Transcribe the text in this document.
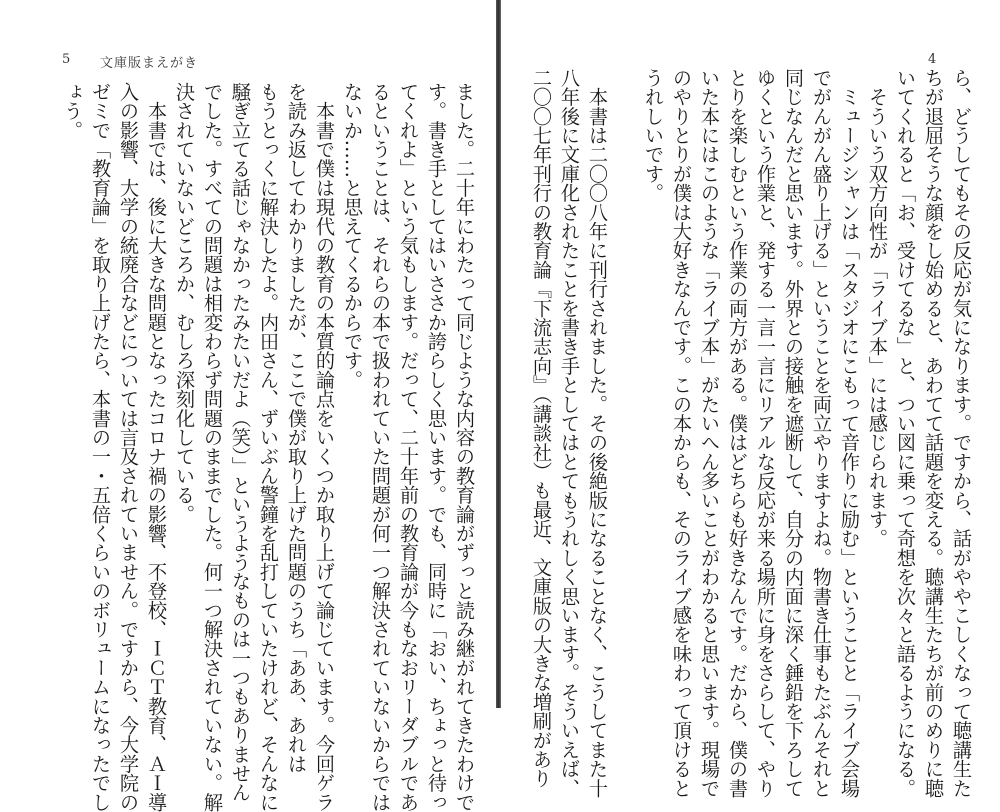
5 文庫版まえがき
ました。二十年にわたって同じような内容の教育論がずっと読み継がれてきたわけで
す。書き手としてはいささか誇らしく思います。でも、同時に「おい、ちょっと待っ
てくれよ」という気もします。だって、二十年前の教育論が今もなおリーダブルであ
るということは、それらの本で扱われていた問題が何一つ解決されていないからでは
ないか……と思えてくるからです。
　本書で僕は現代の教育の本質的論点をいくつか取り上げて論じています。今回ゲラ
を読み返してわかりましたが、ここで僕が取り上げた問題のうち「ああ、あれは
もうとっくに解決したよ。内田さん、ずいぶん警鐘を乱打していたけれど、そんなに
騒ぎ立てる話じゃなかったみたいだよ（笑）」というようなものは一つもありません
でした。すべての問題は相変わらず問題のままでした。何一つ解決されていない。解
決されていないどころか、むしろ深刻化している。
　本書では、後に大きな問題となったコロナ禍の影響、不登校、ＩＣＴ教育、ＡＩ導
入の影響、大学の統廃合などについては言及されていません。ですから、今大学院の
ゼミで「教育論」を取り上げたら、本書の一・五倍くらいのボリュームになったでし
ょう。
4
ら、どうしてもその反応が気になります。ですから、話がややこしくなって聴講生た
ちが退屈そうな顔をし始めると、あわてて話題を変える。聴講生たちが前のめりに聴
いてくれると「お、受けてるな」と、つい図に乗って奇想を次々と語るようになる。
　そういう双方向性が「ライブ本」には感じられます。
　ミュージシャンは「スタジオにこもって音作りに励む」ということと「ライブ会場
でがんがん盛り上げる」ということを両立やりますよね。物書き仕事もたぶんそれと
同じなんだと思います。外界との接触を遮断して、自分の内面に深く錘鉛を下ろして
ゆくという作業と、発する一言一言にリアルな反応が来る場所に身をさらして、やり
とりを楽しむという作業の両方がある。僕はどちらも好きなんです。だから、僕の書
いた本にはこのような「ライブ本」がたいへん多いことがわかると思います。現場で
のやりとりが僕は大好きなんです。この本からも、そのライブ感を味わって頂けると
うれしいです。

　本書は二〇〇八年に刊行されました。その後絶版になることなく、こうしてまた十
八年後に文庫化されたことを書き手としてはとてもうれしく思います。そういえば、
二〇〇七年刊行の教育論『下流志向』（講談社）も最近、文庫版の大きな増刷があり
